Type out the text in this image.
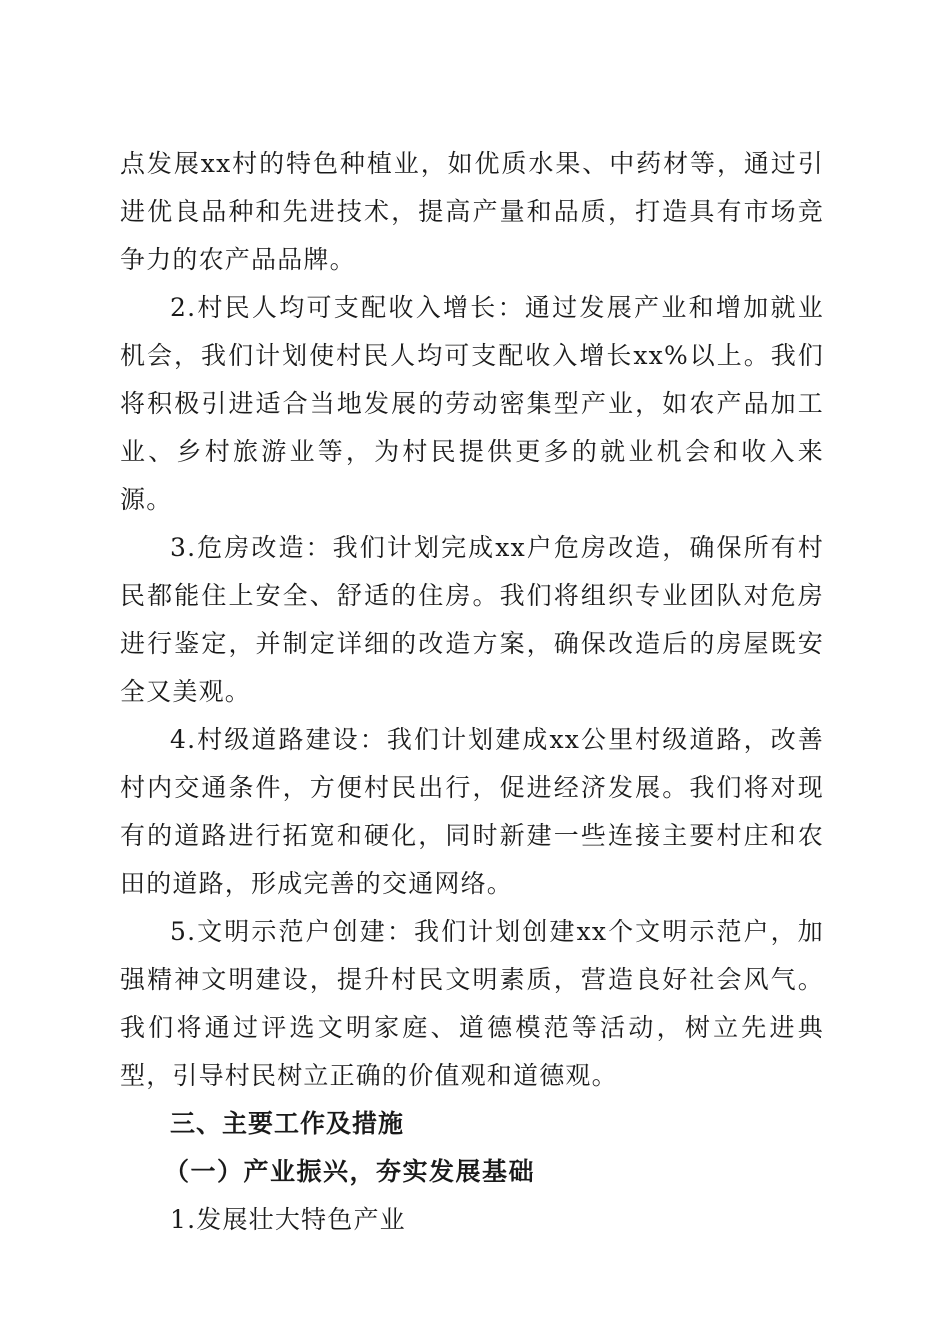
点发展xx村的特色种植业，如优质水果、中药材等，通过引进优良品种和先进技术，提高产量和品质，打造具有市场竞争力的农产品品牌。

2.村民人均可支配收入增长：通过发展产业和增加就业机会，我们计划使村民人均可支配收入增长xx%以上。我们将积极引进适合当地发展的劳动密集型产业，如农产品加工业、乡村旅游业等，为村民提供更多的就业机会和收入来源。

3.危房改造：我们计划完成xx户危房改造，确保所有村民都能住上安全、舒适的住房。我们将组织专业团队对危房进行鉴定，并制定详细的改造方案，确保改造后的房屋既安全又美观。

4.村级道路建设：我们计划建成xx公里村级道路，改善村内交通条件，方便村民出行，促进经济发展。我们将对现有的道路进行拓宽和硬化，同时新建一些连接主要村庄和农田的道路，形成完善的交通网络。

5.文明示范户创建：我们计划创建xx个文明示范户，加强精神文明建设，提升村民文明素质，营造良好社会风气。我们将通过评选文明家庭、道德模范等活动，树立先进典型，引导村民树立正确的价值观和道德观。

三、主要工作及措施

（一）产业振兴，夯实发展基础

1.发展壮大特色产业
